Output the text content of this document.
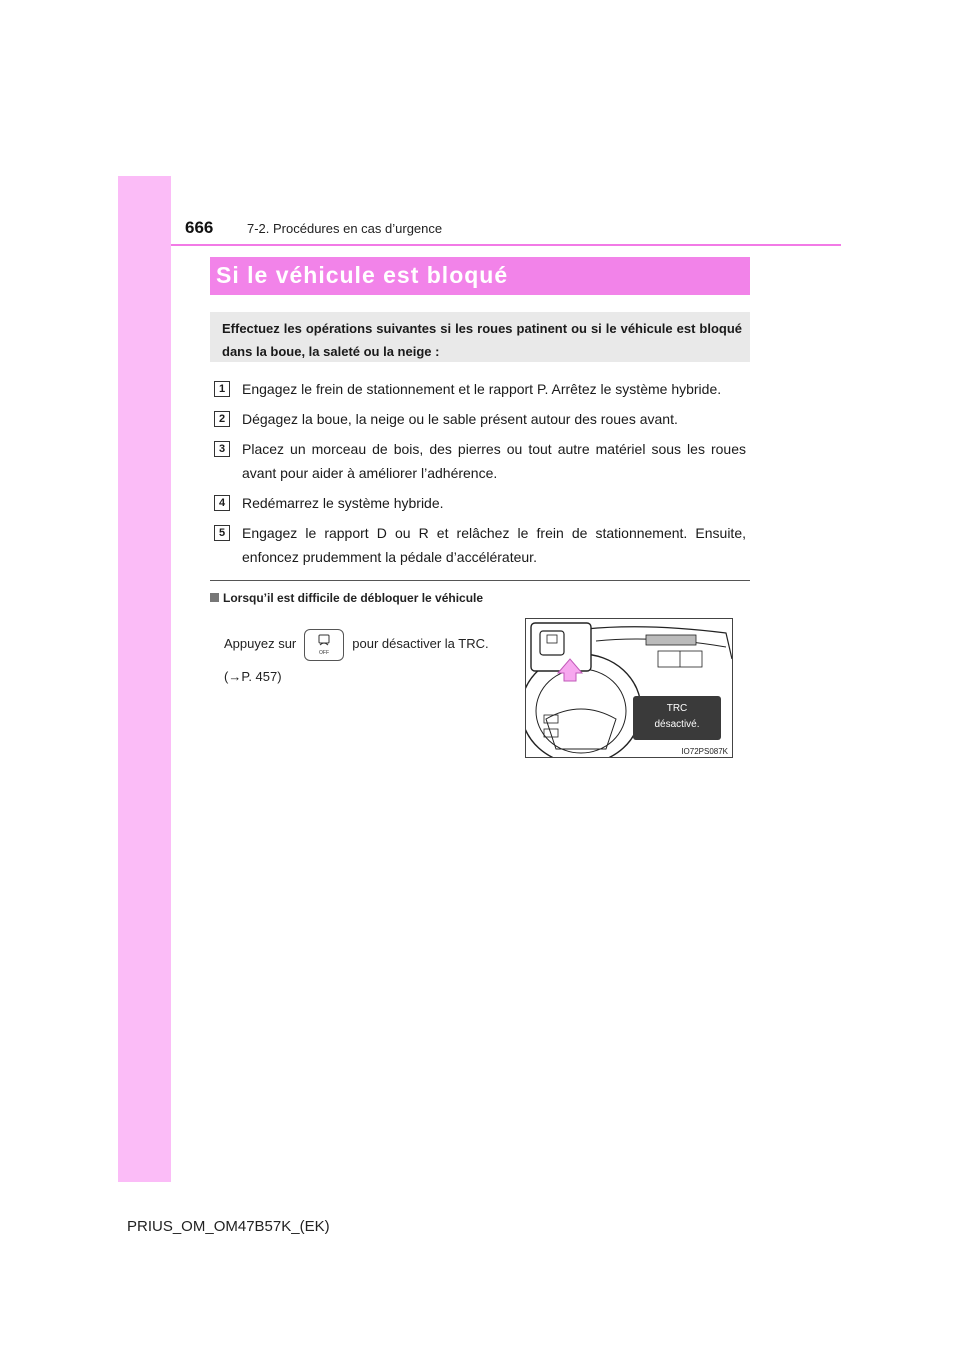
666	7-2. Procédures en cas d’urgence
Si le véhicule est bloqué
Effectuez les opérations suivantes si les roues patinent ou si le véhicule est bloqué dans la boue, la saleté ou la neige :
1	Engagez le frein de stationnement et le rapport P. Arrêtez le système hybride.
2	Dégagez la boue, la neige ou le sable présent autour des roues avant.
3	Placez un morceau de bois, des pierres ou tout autre matériel sous les roues avant pour aider à améliorer l’adhérence.
4	Redémarrez le système hybride.
5	Engagez le rapport D ou R et relâchez le frein de stationnement. Ensuite, enfoncez prudemment la pédale d’accélérateur.
Lorsqu’il est difficile de débloquer le véhicule
Appuyez sur
OFF
pour désactiver la TRC.
(→P. 457)
TRC
désactivé.
IO72PS087K
PRIUS_OM_OM47B57K_(EK)
